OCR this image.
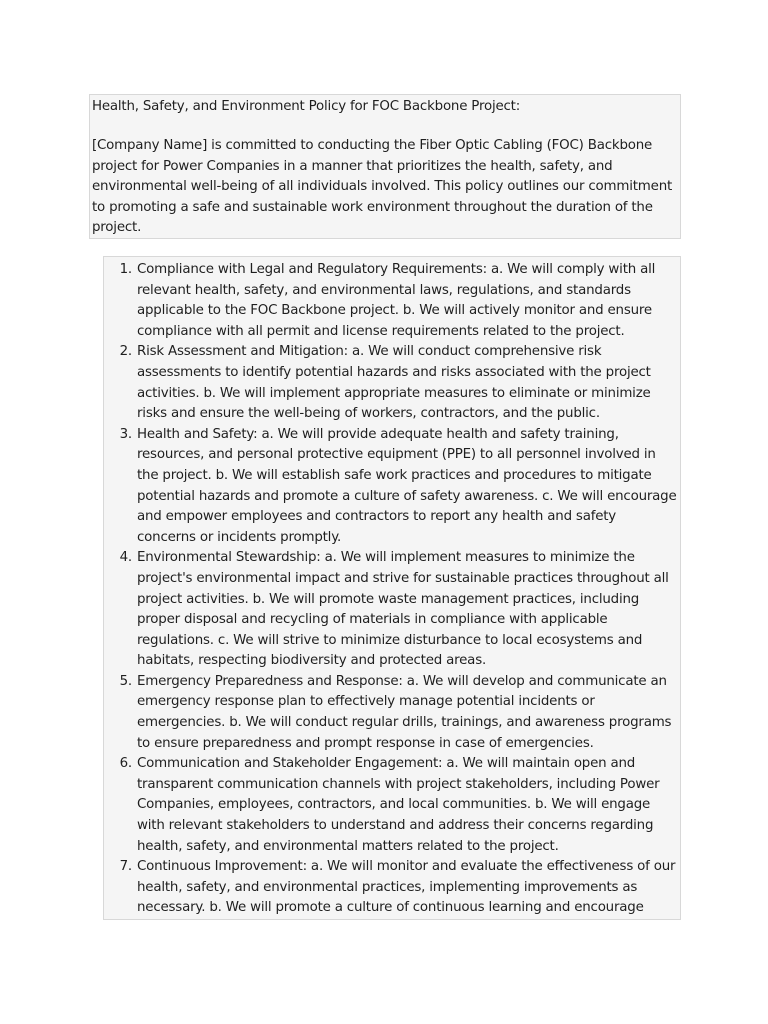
Health, Safety, and Environment Policy for FOC Backbone Project:

[Company Name] is committed to conducting the Fiber Optic Cabling (FOC) Backbone project for Power Companies in a manner that prioritizes the health, safety, and environmental well-being of all individuals involved. This policy outlines our commitment to promoting a safe and sustainable work environment throughout the duration of the project.

1. Compliance with Legal and Regulatory Requirements: a. We will comply with all relevant health, safety, and environmental laws, regulations, and standards applicable to the FOC Backbone project. b. We will actively monitor and ensure compliance with all permit and license requirements related to the project.
2. Risk Assessment and Mitigation: a. We will conduct comprehensive risk assessments to identify potential hazards and risks associated with the project activities. b. We will implement appropriate measures to eliminate or minimize risks and ensure the well-being of workers, contractors, and the public.
3. Health and Safety: a. We will provide adequate health and safety training, resources, and personal protective equipment (PPE) to all personnel involved in the project. b. We will establish safe work practices and procedures to mitigate potential hazards and promote a culture of safety awareness. c. We will encourage and empower employees and contractors to report any health and safety concerns or incidents promptly.
4. Environmental Stewardship: a. We will implement measures to minimize the project's environmental impact and strive for sustainable practices throughout all project activities. b. We will promote waste management practices, including proper disposal and recycling of materials in compliance with applicable regulations. c. We will strive to minimize disturbance to local ecosystems and habitats, respecting biodiversity and protected areas.
5. Emergency Preparedness and Response: a. We will develop and communicate an emergency response plan to effectively manage potential incidents or emergencies. b. We will conduct regular drills, trainings, and awareness programs to ensure preparedness and prompt response in case of emergencies.
6. Communication and Stakeholder Engagement: a. We will maintain open and transparent communication channels with project stakeholders, including Power Companies, employees, contractors, and local communities. b. We will engage with relevant stakeholders to understand and address their concerns regarding health, safety, and environmental matters related to the project.
7. Continuous Improvement: a. We will monitor and evaluate the effectiveness of our health, safety, and environmental practices, implementing improvements as necessary. b. We will promote a culture of continuous learning and encourage
